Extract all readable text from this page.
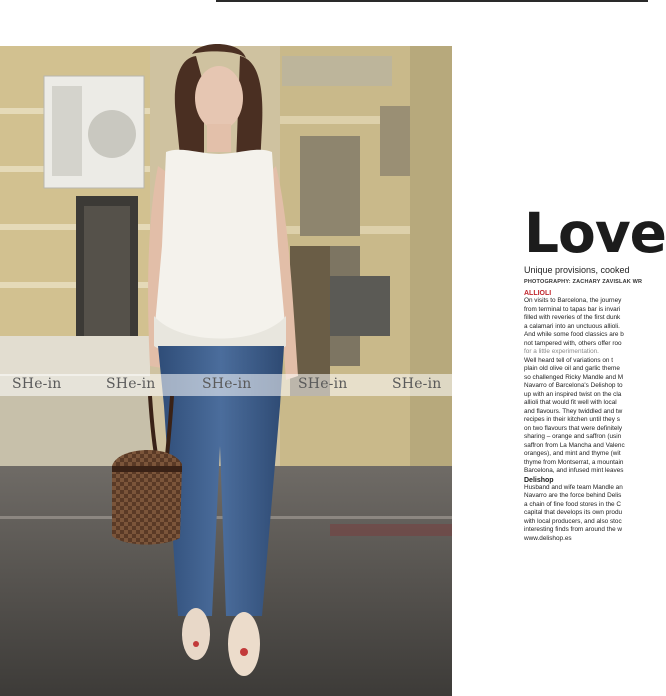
SHe-in	SHe-in	SHe-in	SHe-in	SHe-in
Love
Unique provisions, cooked
PHOTOGRAPHY: ZACHARY ZAVISLAK WR
ALLIOLI
On visits to Barcelona, the journey
from terminal to tapas bar is invari
filled with reveries of the first dunk
a calamari into an unctuous allioli.
And while some food classics are b
not tampered with, others offer roo
for a little experimentation.
Well heard tell of variations on t
plain old olive oil and garlic theme
so challenged Ricky Mandle and M
Navarro of Barcelona's Delishop to
up with an inspired twist on the cla
allioli that would fit well with local
and flavours. They twiddled and tw
recipes in their kitchen until they s
on two flavours that were definitely
sharing – orange and saffron (usin
saffron from La Mancha and Valenc
oranges), and mint and thyme (wit
thyme from Montserrat, a mountain
Barcelona, and infused mint leaves
Delishop
Husband and wife team Mandle an
Navarro are the force behind Delis
a chain of fine food stores in the C
capital that develops its own produ
with local producers, and also stoc
interesting finds from around the w
www.delishop.es
